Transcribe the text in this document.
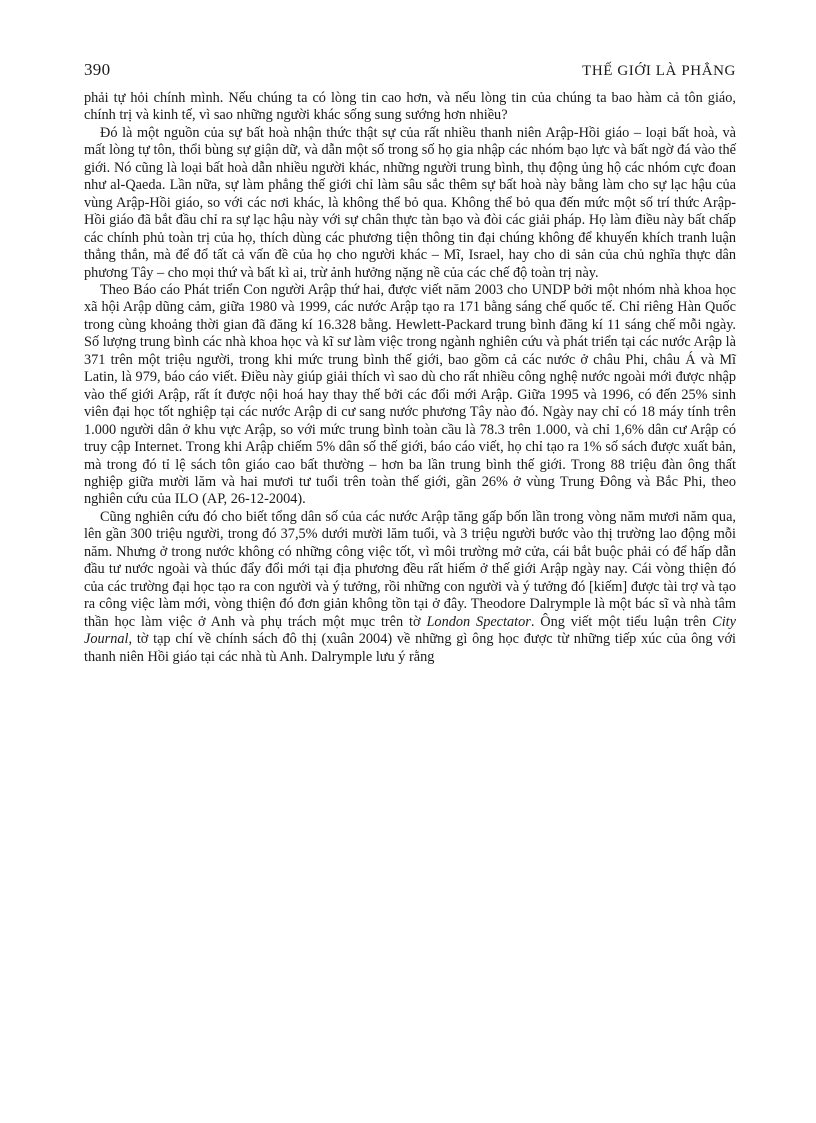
390	THẾ GIỚI LÀ PHẲNG

phải tự hỏi chính mình. Nếu chúng ta có lòng tin cao hơn, và nếu lòng tin của chúng ta bao hàm cả tôn giáo, chính trị và kinh tế, vì sao những người khác sống sung sướng hơn nhiều?

Đó là một nguồn của sự bất hoà nhận thức thật sự của rất nhiều thanh niên Arập-Hồi giáo – loại bất hoà, và mất lòng tự tôn, thổi bùng sự giận dữ, và dẫn một số trong số họ gia nhập các nhóm bạo lực và bất ngờ đá vào thế giới. Nó cũng là loại bất hoà dẫn nhiều người khác, những người trung bình, thụ động ủng hộ các nhóm cực đoan như al-Qaeda. Lần nữa, sự làm phẳng thế giới chỉ làm sâu sắc thêm sự bất hoà này bằng làm cho sự lạc hậu của vùng Arập-Hồi giáo, so với các nơi khác, là không thể bỏ qua. Không thể bỏ qua đến mức một số trí thức Arập-Hồi giáo đã bắt đầu chỉ ra sự lạc hậu này với sự chân thực tàn bạo và đòi các giải pháp. Họ làm điều này bất chấp các chính phủ toàn trị của họ, thích dùng các phương tiện thông tin đại chúng không để khuyến khích tranh luận thẳng thắn, mà để đổ tất cả vấn đề của họ cho người khác – Mĩ, Israel, hay cho di sản của chủ nghĩa thực dân phương Tây – cho mọi thứ và bất kì ai, trừ ảnh hưởng nặng nề của các chế độ toàn trị này.

Theo Báo cáo Phát triển Con người Arập thứ hai, được viết năm 2003 cho UNDP bởi một nhóm nhà khoa học xã hội Arập dũng cảm, giữa 1980 và 1999, các nước Arập tạo ra 171 bằng sáng chế quốc tế. Chỉ riêng Hàn Quốc trong cùng khoảng thời gian đã đăng kí 16.328 bằng. Hewlett-Packard trung bình đăng kí 11 sáng chế mỗi ngày. Số lượng trung bình các nhà khoa học và kĩ sư làm việc trong ngành nghiên cứu và phát triển tại các nước Arập là 371 trên một triệu người, trong khi mức trung bình thế giới, bao gồm cả các nước ở châu Phi, châu Á và Mĩ Latin, là 979, báo cáo viết. Điều này giúp giải thích vì sao dù cho rất nhiều công nghệ nước ngoài mới được nhập vào thế giới Arập, rất ít được nội hoá hay thay thế bởi các đổi mới Arập. Giữa 1995 và 1996, có đến 25% sinh viên đại học tốt nghiệp tại các nước Arập di cư sang nước phương Tây nào đó. Ngày nay chỉ có 18 máy tính trên 1.000 người dân ở khu vực Arập, so với mức trung bình toàn cầu là 78.3 trên 1.000, và chỉ 1,6% dân cư Arập có truy cập Internet. Trong khi Arập chiếm 5% dân số thế giới, báo cáo viết, họ chỉ tạo ra 1% số sách được xuất bản, mà trong đó tỉ lệ sách tôn giáo cao bất thường – hơn ba lần trung bình thế giới. Trong 88 triệu đàn ông thất nghiệp giữa mười lăm và hai mươi tư tuổi trên toàn thế giới, gần 26% ở vùng Trung Đông và Bắc Phi, theo nghiên cứu của ILO (AP, 26-12-2004).

Cũng nghiên cứu đó cho biết tổng dân số của các nước Arập tăng gấp bốn lần trong vòng năm mươi năm qua, lên gần 300 triệu người, trong đó 37,5% dưới mười lăm tuổi, và 3 triệu người bước vào thị trường lao động mỗi năm. Nhưng ở trong nước không có những công việc tốt, vì môi trường mở cửa, cái bắt buộc phải có để hấp dẫn đầu tư nước ngoài và thúc đẩy đổi mới tại địa phương đều rất hiếm ở thế giới Arập ngày nay. Cái vòng thiện đó của các trường đại học tạo ra con người và ý tưởng, rồi những con người và ý tưởng đó [kiếm] được tài trợ và tạo ra công việc làm mới, vòng thiện đó đơn giản không tồn tại ở đây. Theodore Dalrymple là một bác sĩ và nhà tâm thần học làm việc ở Anh và phụ trách một mục trên tờ London Spectator. Ông viết một tiểu luận trên City Journal, tờ tạp chí về chính sách đô thị (xuân 2004) về những gì ông học được từ những tiếp xúc của ông với thanh niên Hồi giáo tại các nhà tù Anh. Dalrymple lưu ý rằng
